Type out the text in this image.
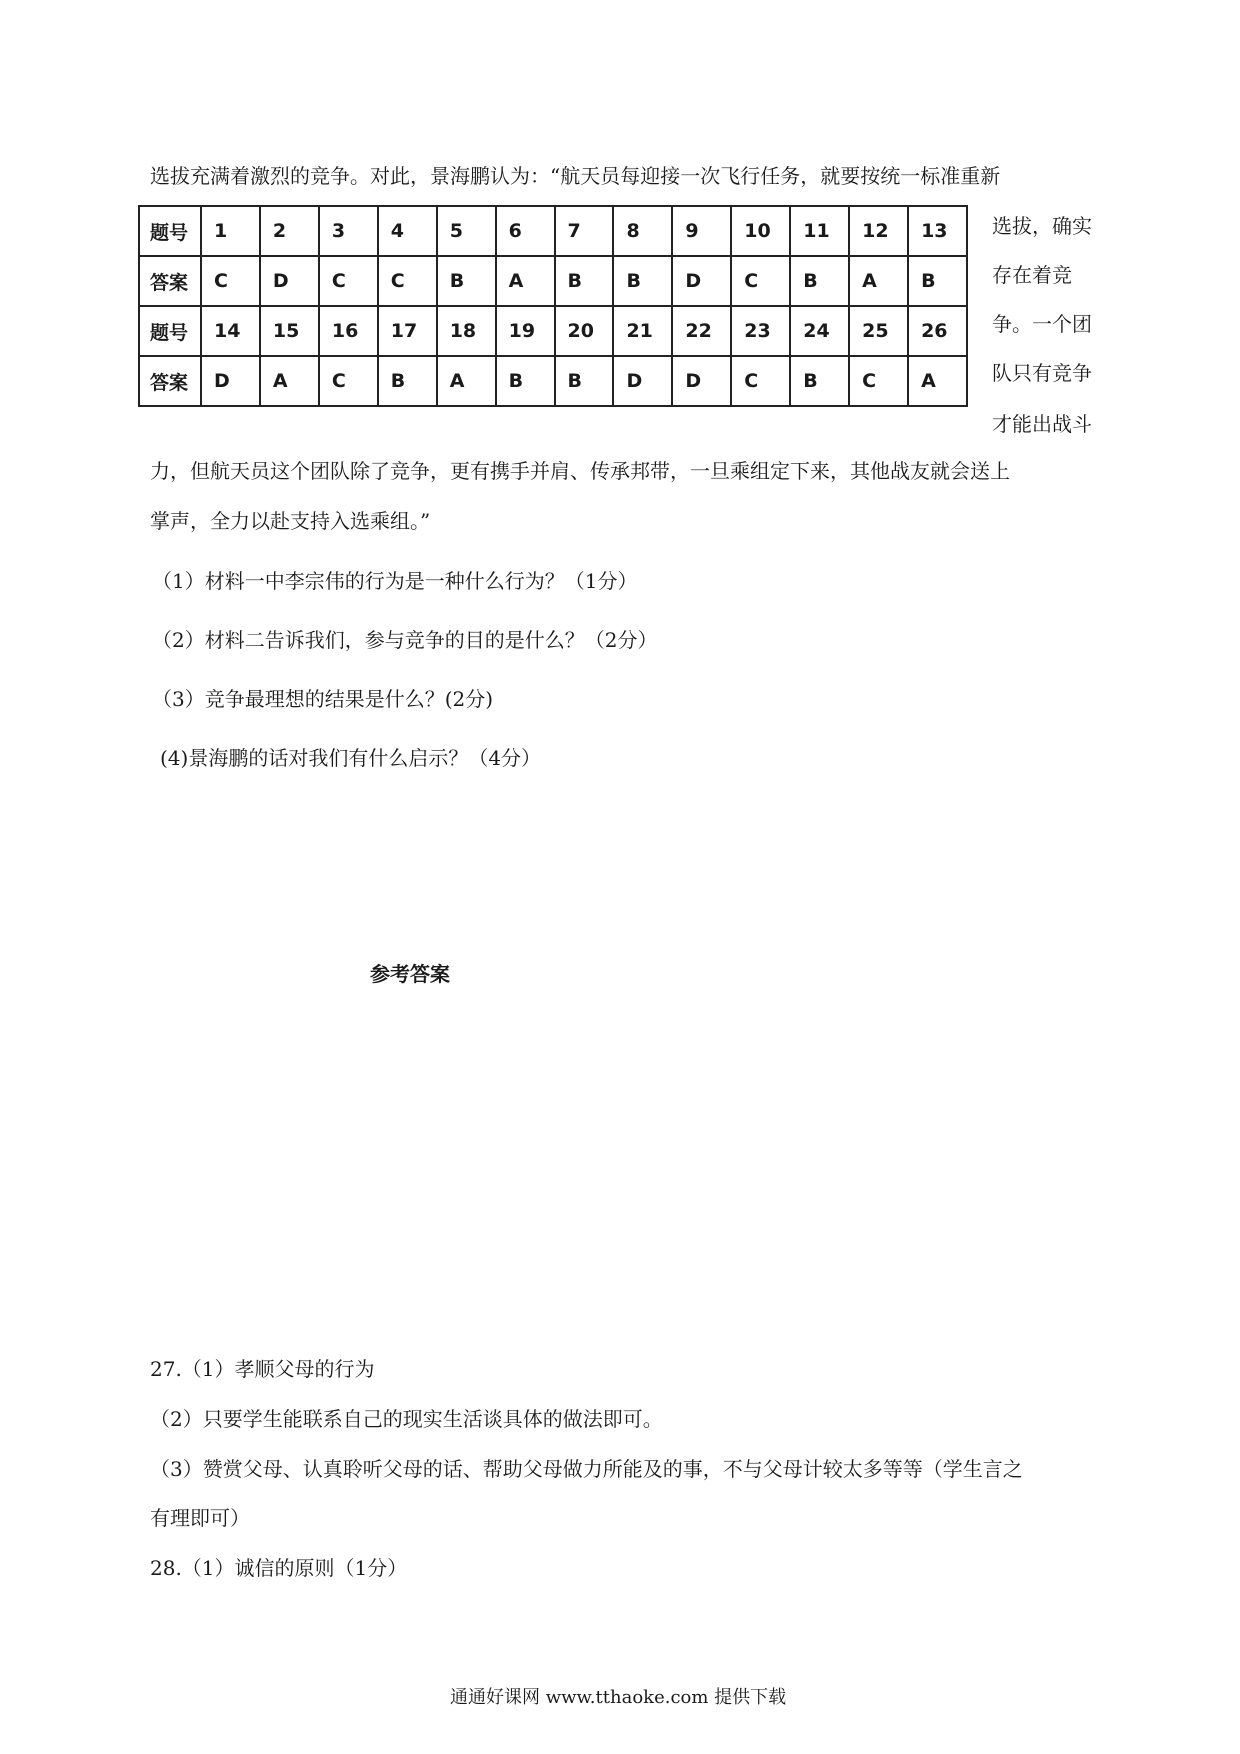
选拔充满着激烈的竞争。对此，景海鹏认为：“航天员每迎接一次飞行任务，就要按统一标准重新
题号	1	2	3	4	5	6	7	8	9	10	11	12	13
答案	C	D	C	C	B	A	B	B	D	C	B	A	B
题号	14	15	16	17	18	19	20	21	22	23	24	25	26
答案	D	A	C	B	A	B	B	D	D	C	B	C	A
选拔，确实
存在着竞
争。一个团
队只有竞争
才能出战斗
力，但航天员这个团队除了竞争，更有携手并肩、传承邦带，一旦乘组定下来，其他战友就会送上
掌声，全力以赴支持入选乘组。”
（1）材料一中李宗伟的行为是一种什么行为？（1分）
（2）材料二告诉我们，参与竞争的目的是什么？（2分）
（3）竞争最理想的结果是什么？(2分)
(4)景海鹏的话对我们有什么启示？（4分）
参考答案
27.（1）孝顺父母的行为
（2）只要学生能联系自己的现实生活谈具体的做法即可。
（3）赞赏父母、认真聆听父母的话、帮助父母做力所能及的事，不与父母计较太多等等（学生言之
有理即可）
28.（1）诚信的原则（1分）
通通好课网 www.tthaoke.com 提供下载
